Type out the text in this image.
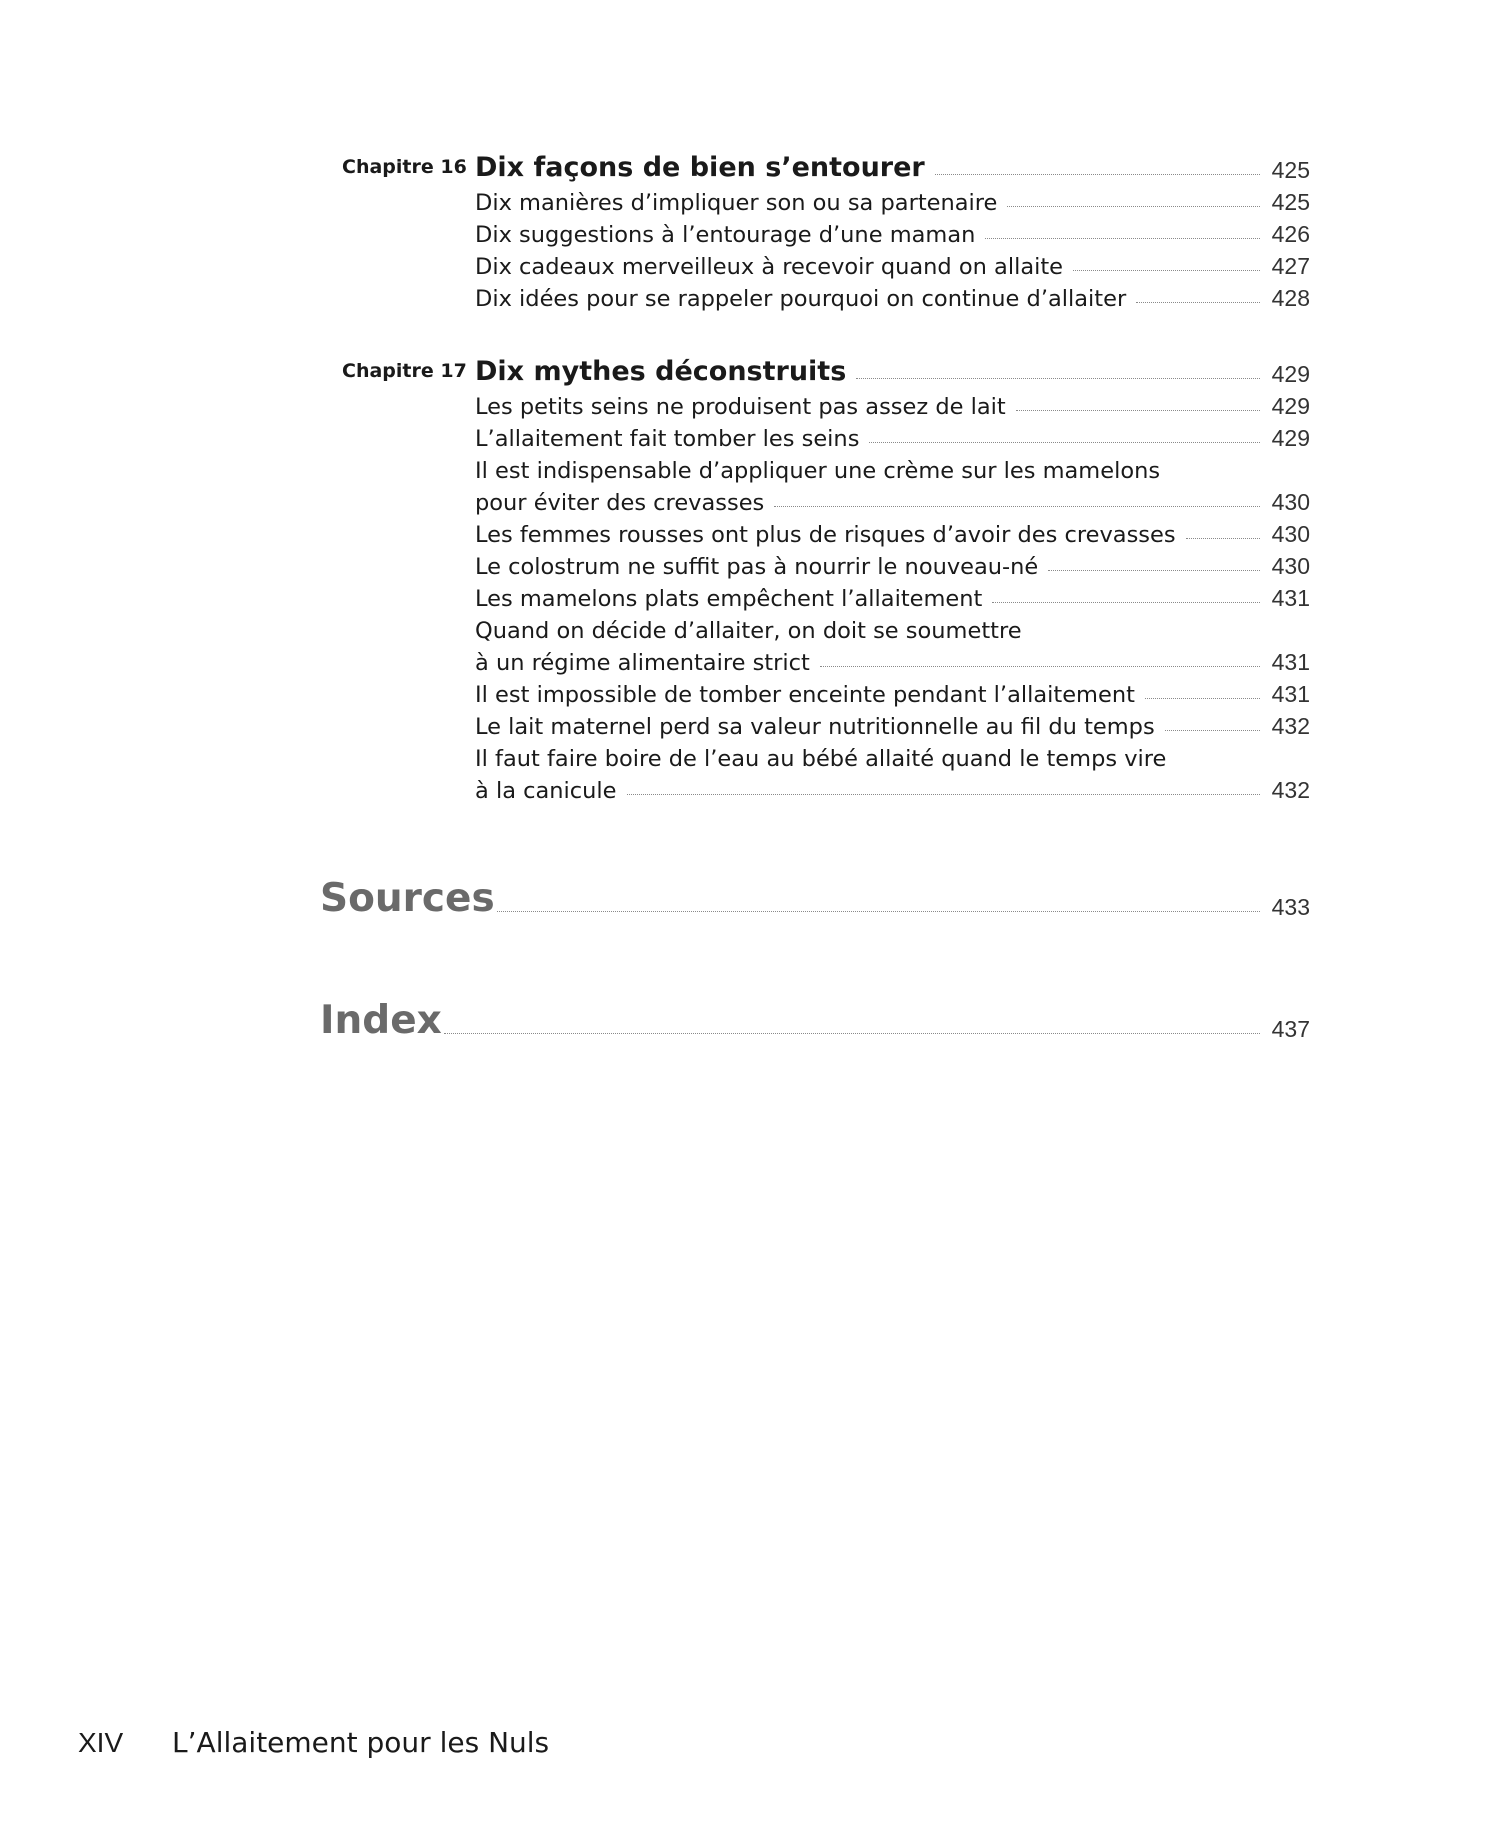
Chapitre 16 Dix façons de bien s’entourer	425
Dix manières d’impliquer son ou sa partenaire	425
Dix suggestions à l’entourage d’une maman	426
Dix cadeaux merveilleux à recevoir quand on allaite	427
Dix idées pour se rappeler pourquoi on continue d’allaiter	428
Chapitre 17 Dix mythes déconstruits	429
Les petits seins ne produisent pas assez de lait	429
L’allaitement fait tomber les seins	429
Il est indispensable d’appliquer une crème sur les mamelons
pour éviter des crevasses	430
Les femmes rousses ont plus de risques d’avoir des crevasses	430
Le colostrum ne suffit pas à nourrir le nouveau-né	430
Les mamelons plats empêchent l’allaitement	431
Quand on décide d’allaiter, on doit se soumettre
à un régime alimentaire strict	431
Il est impossible de tomber enceinte pendant l’allaitement	431
Le lait maternel perd sa valeur nutritionnelle au fil du temps	432
Il faut faire boire de l’eau au bébé allaité quand le temps vire
à la canicule	432
Sources	433
Index	437
XIV L’Allaitement pour les Nuls
